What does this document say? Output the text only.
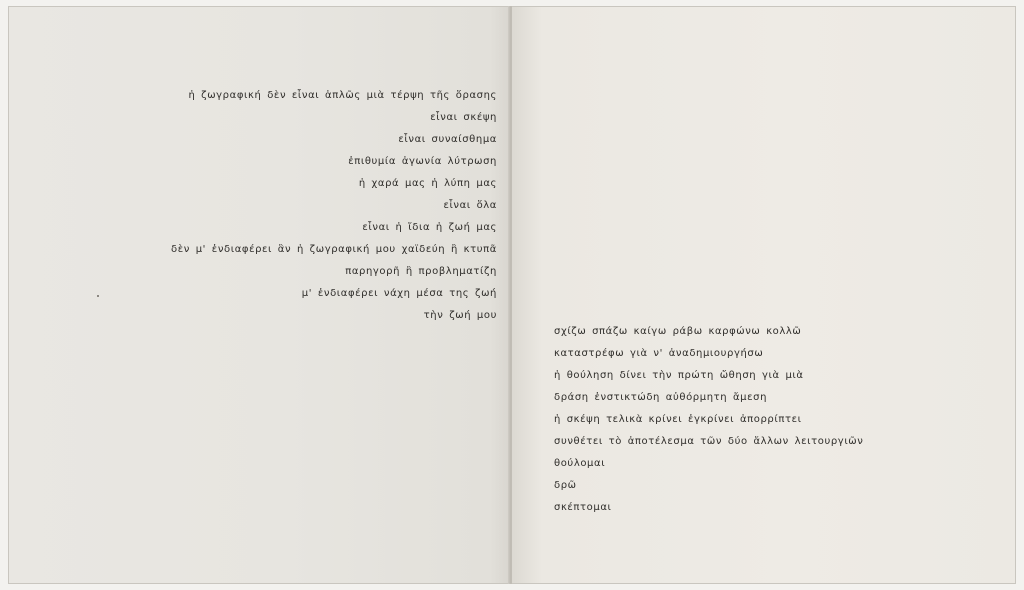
ἡ ζωγραφική δὲν εἶναι ἁπλῶς μιὰ τέρψη τῆς ὅρασης
εἶναι σκέψη
εἶναι συναίσθημα
ἐπιθυμία ἀγωνία λύτρωση
ἡ χαρά μας ἡ λύπη μας
εἶναι ὅλα
εἶναι ἡ ἴδια ἡ ζωή μας
δὲν μ' ἐνδιαφέρει ἂν ἡ ζωγραφική μου χαϊδεύη ἢ κτυπᾶ
παρηγορῆ ἢ προβληματίζη
μ' ἐνδιαφέρει νάχη μέσα της ζωή
τὴν ζωή μου
σχίζω σπάζω καίγω ράβω καρφώνω κολλῶ
καταστρέφω γιὰ ν' ἀναδημιουργήσω
ἡ θούληση δίνει τὴν πρώτη ὤθηση γιὰ μιὰ
δράση ἐνστικτώδη αὐθόρμητη ἄμεση
ἡ σκέψη τελικὰ κρίνει ἐγκρίνει ἀπορρίπτει
συνθέτει τὸ ἀποτέλεσμα τῶν δύο ἄλλων λειτουργιῶν
θούλομαι
δρῶ
σκέπτομαι
